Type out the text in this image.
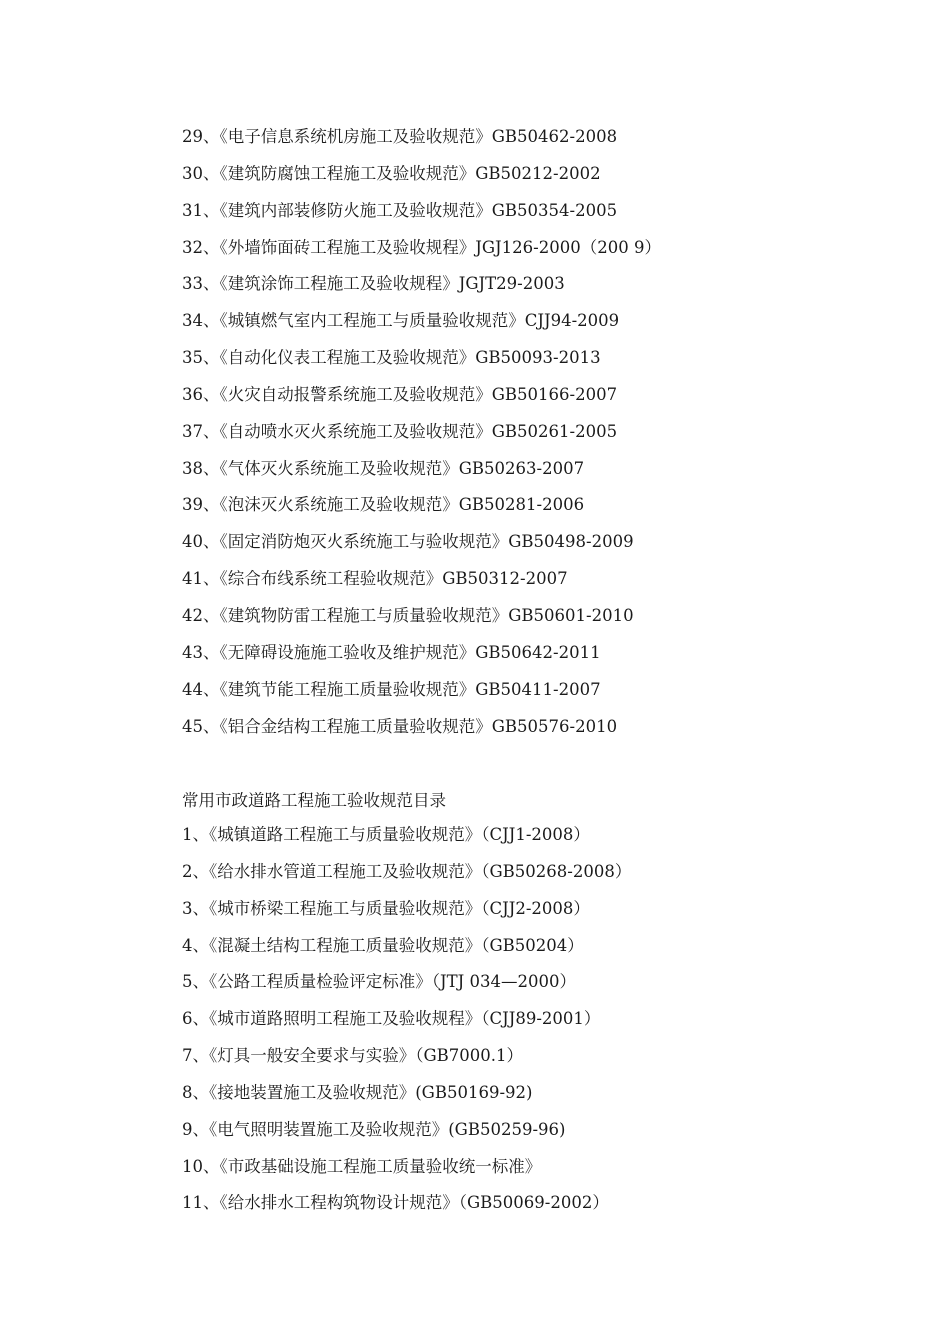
29、《电子信息系统机房施工及验收规范》GB50462-2008
30、《建筑防腐蚀工程施工及验收规范》GB50212-2002
31、《建筑内部装修防火施工及验收规范》GB50354-2005
32、《外墙饰面砖工程施工及验收规程》JGJ126-2000（200 9）
33、《建筑涂饰工程施工及验收规程》JGJT29-2003
34、《城镇燃气室内工程施工与质量验收规范》CJJ94-2009
35、《自动化仪表工程施工及验收规范》GB50093-2013
36、《火灾自动报警系统施工及验收规范》GB50166-2007
37、《自动喷水灭火系统施工及验收规范》GB50261-2005
38、《气体灭火系统施工及验收规范》GB50263-2007
39、《泡沫灭火系统施工及验收规范》GB50281-2006
40、《固定消防炮灭火系统施工与验收规范》GB50498-2009
41、《综合布线系统工程验收规范》GB50312-2007
42、《建筑物防雷工程施工与质量验收规范》GB50601-2010
43、《无障碍设施施工验收及维护规范》GB50642-2011
44、《建筑节能工程施工质量验收规范》GB50411-2007
45、《铝合金结构工程施工质量验收规范》GB50576-2010
常用市政道路工程施工验收规范目录
1、《城镇道路工程施工与质量验收规范》（CJJ1-2008）
2、《给水排水管道工程施工及验收规范》（GB50268-2008）
3、《城市桥梁工程施工与质量验收规范》（CJJ2-2008）
4、《混凝土结构工程施工质量验收规范》（GB50204）
5、《公路工程质量检验评定标准》（JTJ 034—2000）
6、《城市道路照明工程施工及验收规程》（CJJ89-2001）
7、《灯具一般安全要求与实验》（GB7000.1）
8、《接地装置施工及验收规范》(GB50169-92)
9、《电气照明装置施工及验收规范》(GB50259-96)
10、《市政基础设施工程施工质量验收统一标准》
11、《给水排水工程构筑物设计规范》（GB50069-2002）
